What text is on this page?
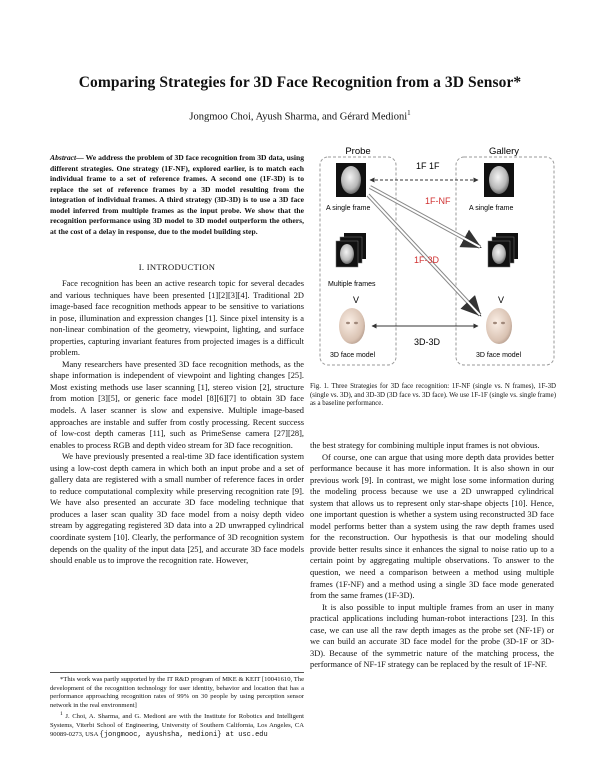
Comparing Strategies for 3D Face Recognition from a 3D Sensor*
Jongmoo Choi, Ayush Sharma, and Gérard Medioni$^1$
Abstract— We address the problem of 3D face recognition from 3D data, using different strategies. One strategy (1F-NF), explored earlier, is to match each individual frame to a set of reference frames. A second one (1F-3D) is to replace the set of reference frames by a 3D model resulting from the integration of individual frames. A third strategy (3D-3D) is to use a 3D face model inferred from multiple frames as the input probe. We show that the recognition performance using 3D model to 3D model outperform the others, at the cost of a delay in response, due to the model building step.
I. INTRODUCTION

Face recognition has been an active research topic for several decades and various techniques have been presented [1][2][3][4]. Traditional 2D image-based face recognition methods appear to be sensitive to variations in pose, illumination and expression changes [1]. Since pixel intensity is a non-linear combination of the geometry, viewpoint, lighting, and surface properties, capturing invariant features from projected images is a difficult problem.

Many researchers have presented 3D face recognition methods, as the shape information is independent of viewpoint and lighting changes [25]. Most existing methods use laser scanning [1], stereo vision [2], structure from motion [3][5], or generic face model [8][6][7] to obtain 3D face models. A laser scanner is slow and expensive. Multiple image-based approaches are instable and suffer from costly processing. Recent success of low-cost depth cameras [11], such as PrimeSense camera [27][28], enables to process RGB and depth video stream for 3D face recognition.

We have previously presented a real-time 3D face identification system using a low-cost depth camera in which both an input probe and a set of gallery data are registered with a small number of reference faces in order to reduce computational complexity while preserving recognition rate [9]. We have also presented an accurate 3D face modeling technique that produces a laser scan quality 3D face model from a noisy depth video stream by aggregating registered 3D data into a 2D unwrapped cylindrical coordinate system [10]. Clearly, the performance of 3D recognition system depends on the quality of the input data [25], and accurate 3D face models should enable us to improve the recognition rate. However,

*This work was partly supported by the IT R&D program of MKE & KEIT [10041610, The development of the recognition technology for user identity, behavior and location that has a performance approaching recognition rates of 99% on 30 people by using perception sensor network in the real environment]
$^1$ J. Choi, A. Sharma, and G. Medioni are with the Institute for Robotics and Intelligent Systems, Viterbi School of Engineering, University of Southern California, Los Angeles, CA 90089-0273, USA {jongmooc, ayushsha, medioni} at usc.edu
Probe	Gallery
A single frame	A single frame
Multiple frames
3D face model	3D face model
V	V
1F 1F
1F-NF
1F-3D
3D-3D
Fig. 1. Three Strategies for 3D face recognition: 1F-NF (single vs. N frames), 1F-3D (single vs. 3D), and 3D-3D (3D face vs. 3D face). We use 1F-1F (single vs. single frame) as a baseline performance.

the best strategy for combining multiple input frames is not obvious.

Of course, one can argue that using more depth data provides better performance because it has more information. It is also shown in our previous work [9]. In contrast, we might lose some information during the modeling process because we use a 2D unwrapped cylindrical system that allows us to represent only star-shape objects [10]. Hence, one important question is whether a system using reconstructed 3D face model performs better than a system using the raw depth frames used for the reconstruction. Our hypothesis is that our modeling should provide better results since it enhances the signal to noise ratio up to a certain point by aggregating multiple observations. To answer to the question, we need a comparison between a method using multiple frames (1F-NF) and a method using a single 3D face mode generated from the same frames (1F-3D).

It is also possible to input multiple frames from an user in many practical applications including human-robot interactions [23]. In this case, we can use all the raw depth images as the probe set (NF-1F) or we can build an accurate 3D face model for the probe (3D-1F or 3D-3D). Because of the symmetric nature of the matching process, the performance of NF-1F strategy can be replaced by the result of 1F-NF.
